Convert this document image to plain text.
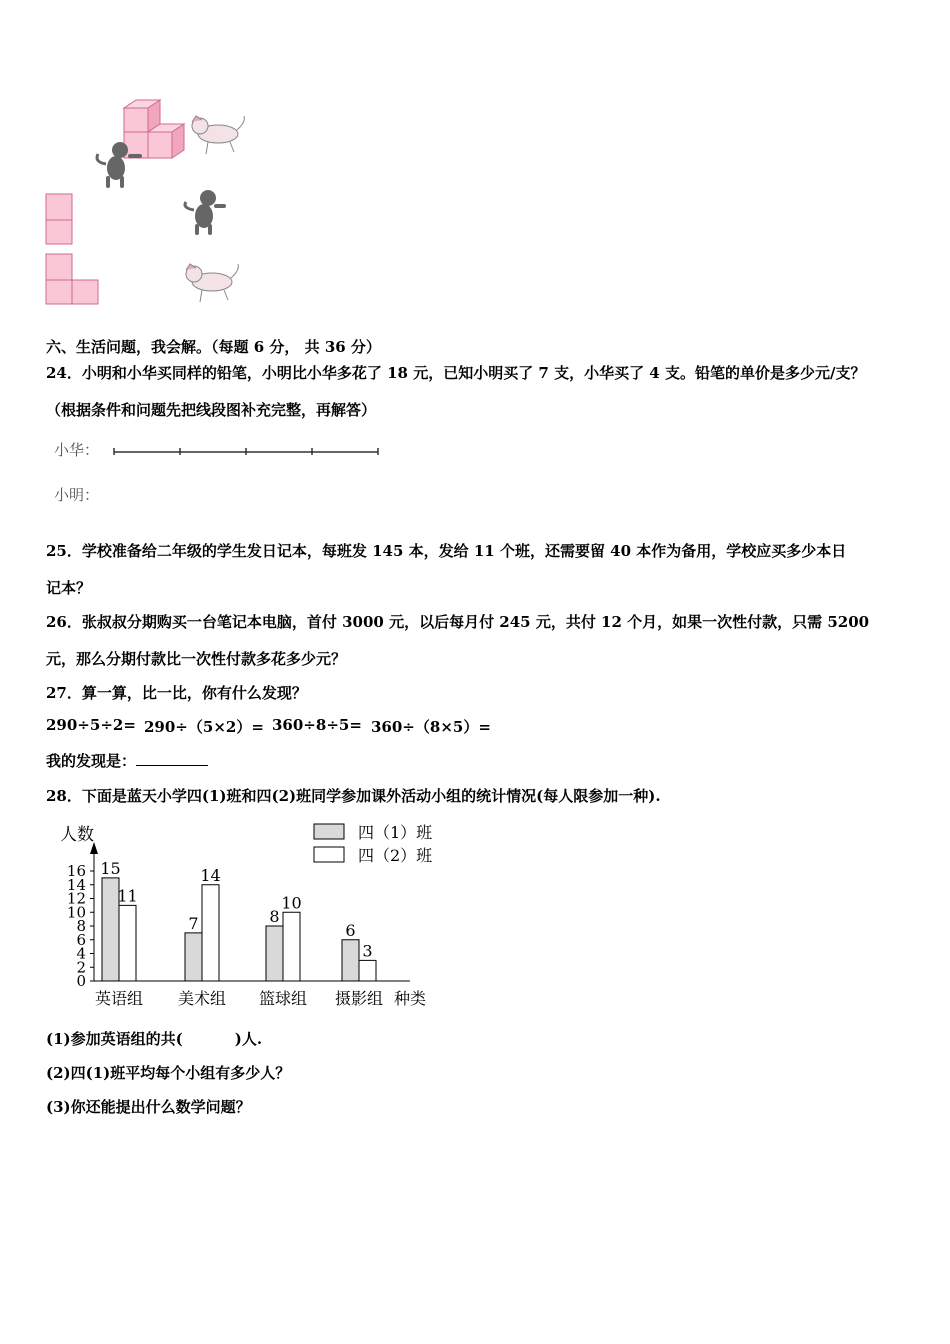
六、生活问题，我会解。（每题 6 分， 共 36 分）
24．小明和小华买同样的铅笔，小明比小华多花了 18 元，已知小明买了 7 支，小华买了 4 支。铅笔的单价是多少元/支？
（根据条件和问题先把线段图补充完整，再解答）
小华：
小明：
25．学校准备给二年级的学生发日记本，每班发 145 本，发给 11 个班，还需要留 40 本作为备用，学校应买多少本日
记本？
26．张叔叔分期购买一台笔记本电脑，首付 3000 元，以后每月付 245 元，共付 12 个月，如果一次性付款，只需 5200
元，那么分期付款比一次性付款多花多少元？
27．算一算，比一比，你有什么发现？
290÷5÷2= 290÷（5×2）= 360÷8÷5= 360÷（8×5）=
我的发现是：
28．下面是蓝天小学四(1)班和四(2)班同学参加课外活动小组的统计情况(每人限参加一种).
人数
种类
四（1）班
四（2）班
0
2
4
6
8
10
12
14
16 15
11
英语组
7
14
美术组
8
10
篮球组
6
3
摄影组
(1)参加英语组的共(	)人.
(2)四(1)班平均每个小组有多少人？
(3)你还能提出什么数学问题？
